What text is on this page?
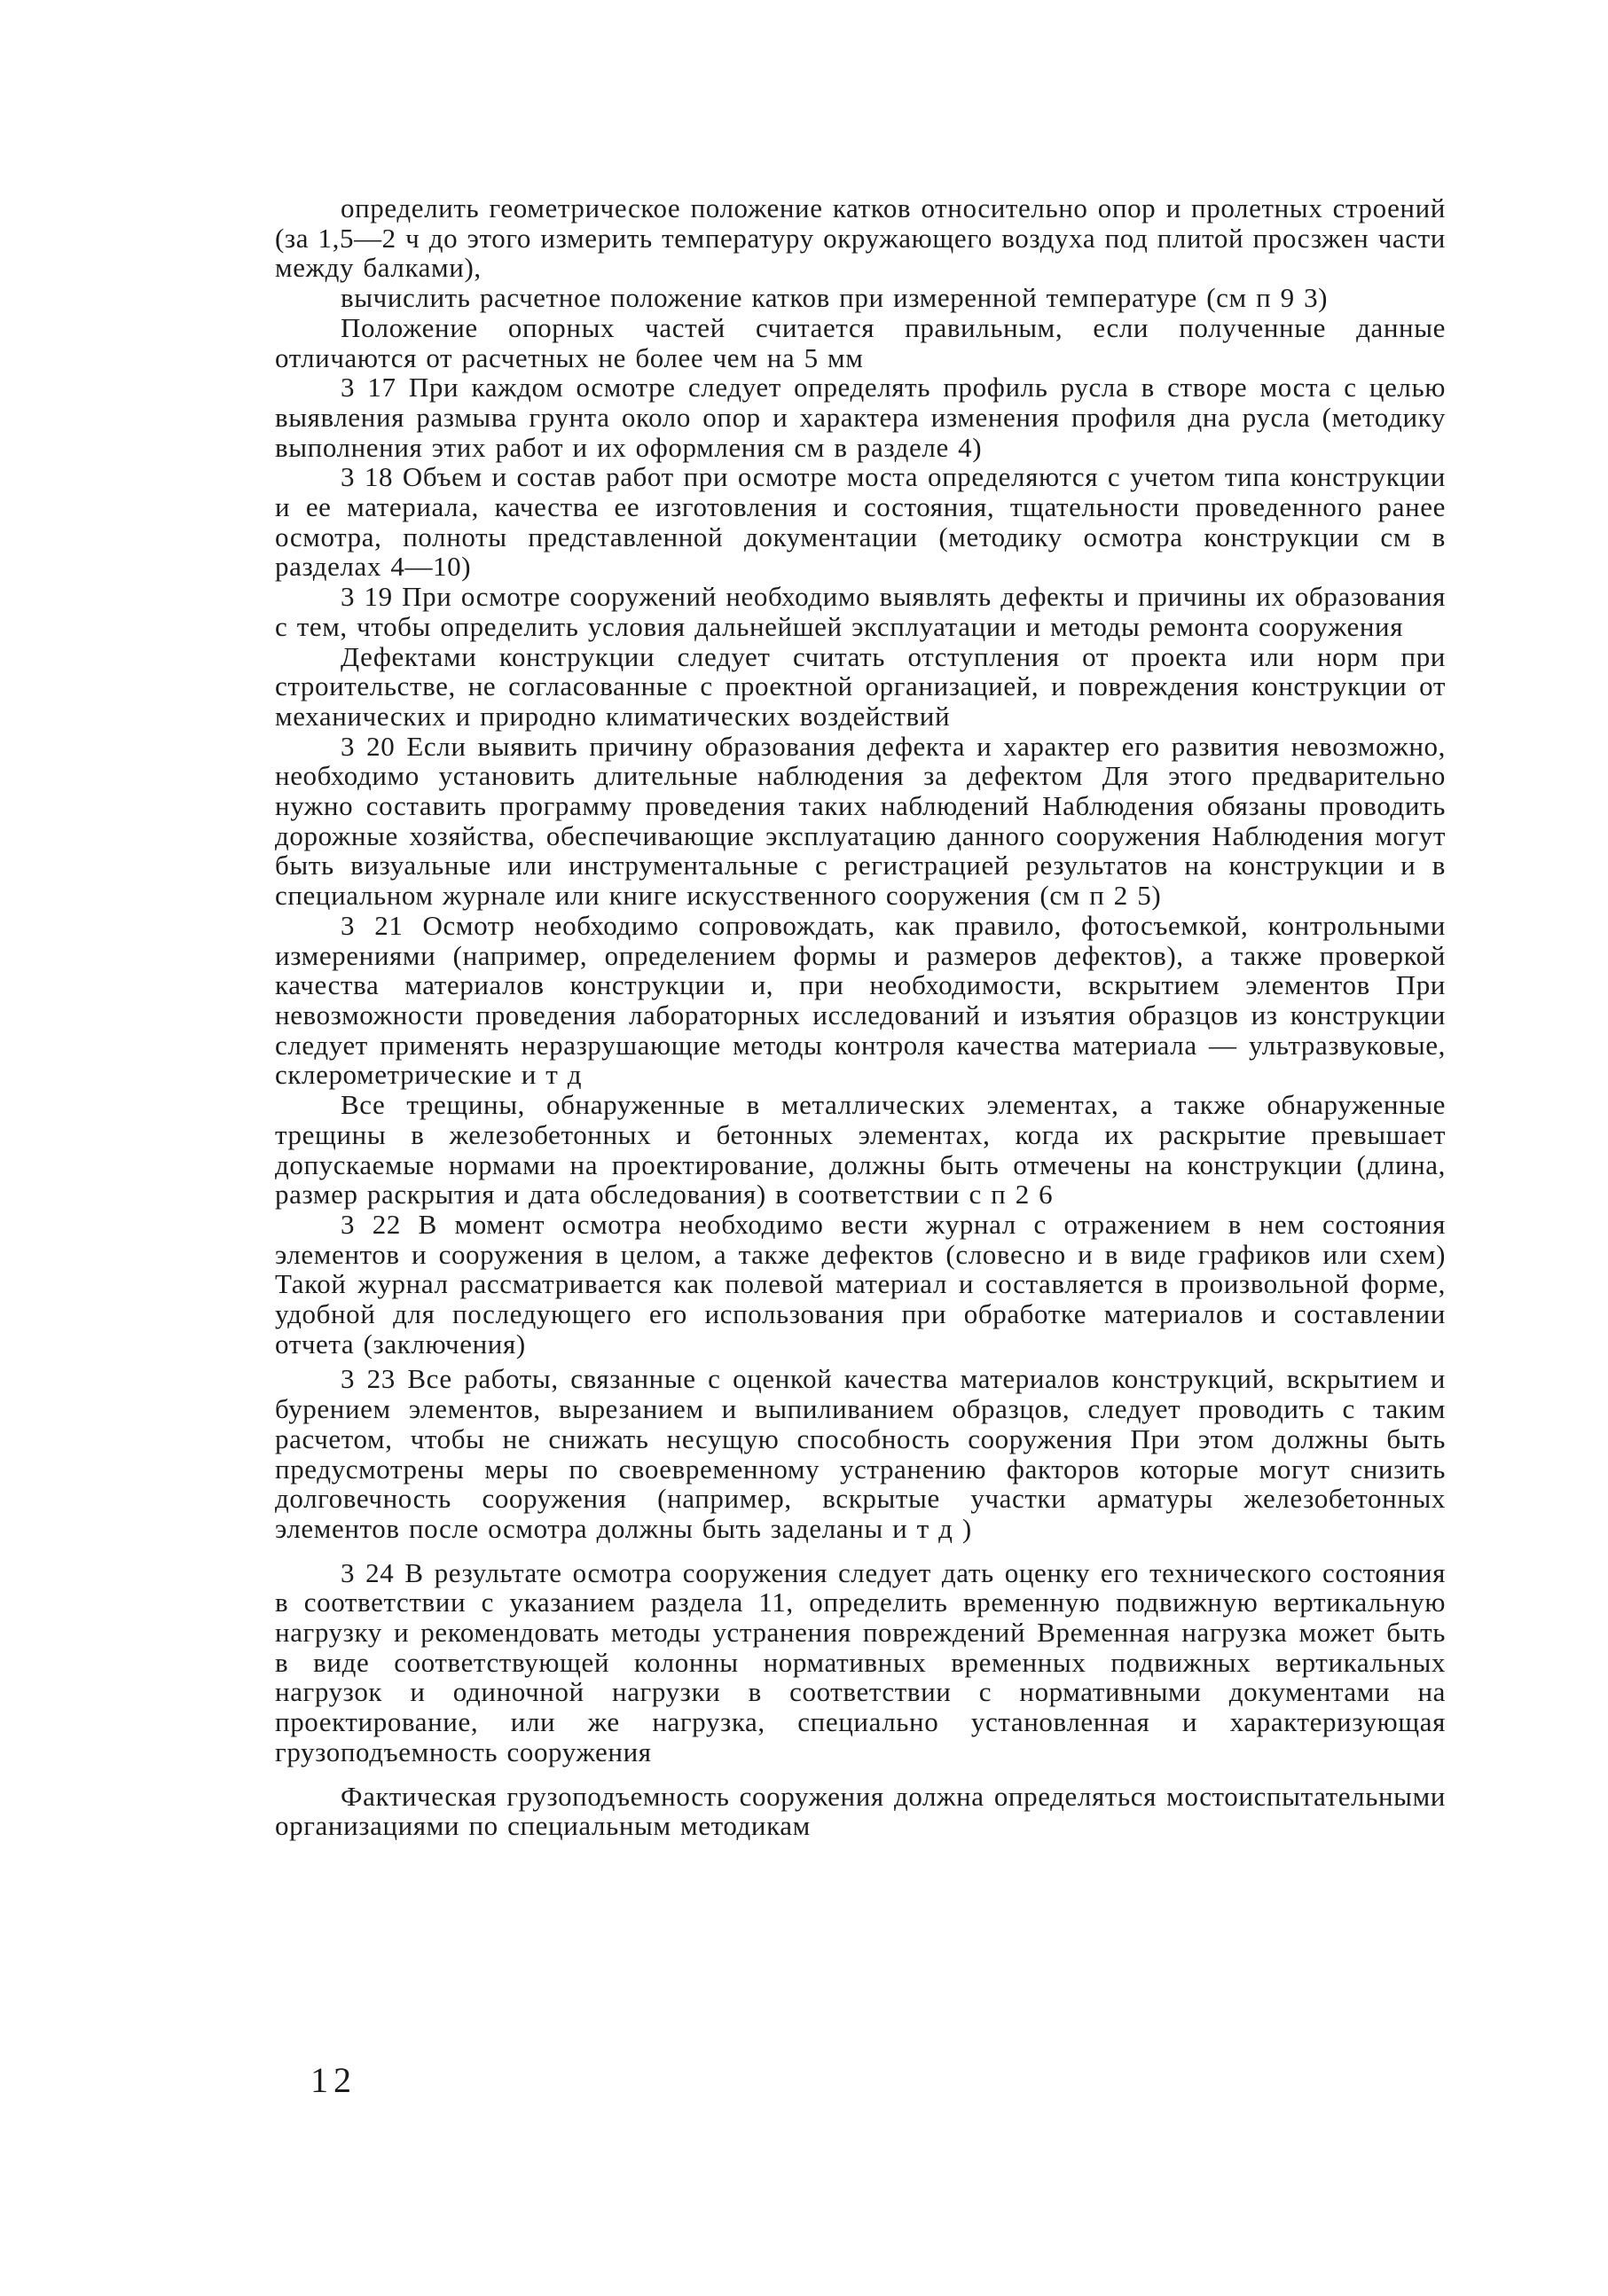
определить геометрическое положение катков относительно опор и пролетных строений (за 1,5—2 ч до этого измерить температуру окружающего воздуха под плитой просзжен части между балками),

вычислить расчетное положение катков при измеренной температуре (см п 9 3)

Положение опорных частей считается правильным, если полученные данные отличаются от расчетных не более чем на 5 мм

3 17 При каждом осмотре следует определять профиль русла в створе моста с целью выявления размыва грунта около опор и характера изменения профиля дна русла (методику выполнения этих работ и их оформления см в разделе 4)

3 18 Объем и состав работ при осмотре моста определяются с учетом типа конструкции и ее материала, качества ее изготовления и состояния, тщательности проведенного ранее осмотра, полноты представленной документации (методику осмотра конструкции см в разделах 4—10)

3 19 При осмотре сооружений необходимо выявлять дефекты и причины их образования с тем, чтобы определить условия дальнейшей эксплуатации и методы ремонта сооружения

Дефектами конструкции следует считать отступления от проекта или норм при строительстве, не согласованные с проектной организацией, и повреждения конструкции от механических и природно климатических воздействий

3 20 Если выявить причину образования дефекта и характер его развития невозможно, необходимо установить длительные наблюдения за дефектом Для этого предварительно нужно составить программу проведения таких наблюдений Наблюдения обязаны проводить дорожные хозяйства, обеспечивающие эксплуатацию данного сооружения Наблюдения могут быть визуальные или инструментальные с регистрацией результатов на конструкции и в специальном журнале или книге искусственного сооружения (см п 2 5)

3 21 Осмотр необходимо сопровождать, как правило, фотосъемкой, контрольными измерениями (например, определением формы и размеров дефектов), а также проверкой качества материалов конструкции и, при необходимости, вскрытием элементов При невозможности проведения лабораторных исследований и изъятия образцов из конструкции следует применять неразрушающие методы контроля качества материала — ультразвуковые, склерометрические и т д

Все трещины, обнаруженные в металлических элементах, а также обнаруженные трещины в железобетонных и бетонных элементах, когда их раскрытие превышает допускаемые нормами на проектирование, должны быть отмечены на конструкции (длина, размер раскрытия и дата обследования) в соответствии с п 2 6

3 22 В момент осмотра необходимо вести журнал с отражением в нем состояния элементов и сооружения в целом, а также дефектов (словесно и в виде графиков или схем) Такой журнал рассматривается как полевой материал и составляется в произвольной форме, удобной для последующего его использования при обработке материалов и составлении отчета (заключения)

3 23 Все работы, связанные с оценкой качества материалов конструкций, вскрытием и бурением элементов, вырезанием и выпиливанием образцов, следует проводить с таким расчетом, чтобы не снижать несущую способность сооружения При этом должны быть предусмотрены меры по своевременному устранению факторов которые могут снизить долговечность сооружения (например, вскрытые участки арматуры железобетонных элементов после осмотра должны быть заделаны и т д )

3 24 В результате осмотра сооружения следует дать оценку его технического состояния в соответствии с указанием раздела 11, определить временную подвижную вертикальную нагрузку и рекомендовать методы устранения повреждений Временная нагрузка может быть в виде соответствующей колонны нормативных временных подвижных вертикальных нагрузок и одиночной нагрузки в соответствии с нормативными документами на проектирование, или же нагрузка, специально установленная и характеризующая грузоподъемность сооружения

Фактическая грузоподъемность сооружения должна определяться мостоиспытательными организациями по специальным методикам

12
